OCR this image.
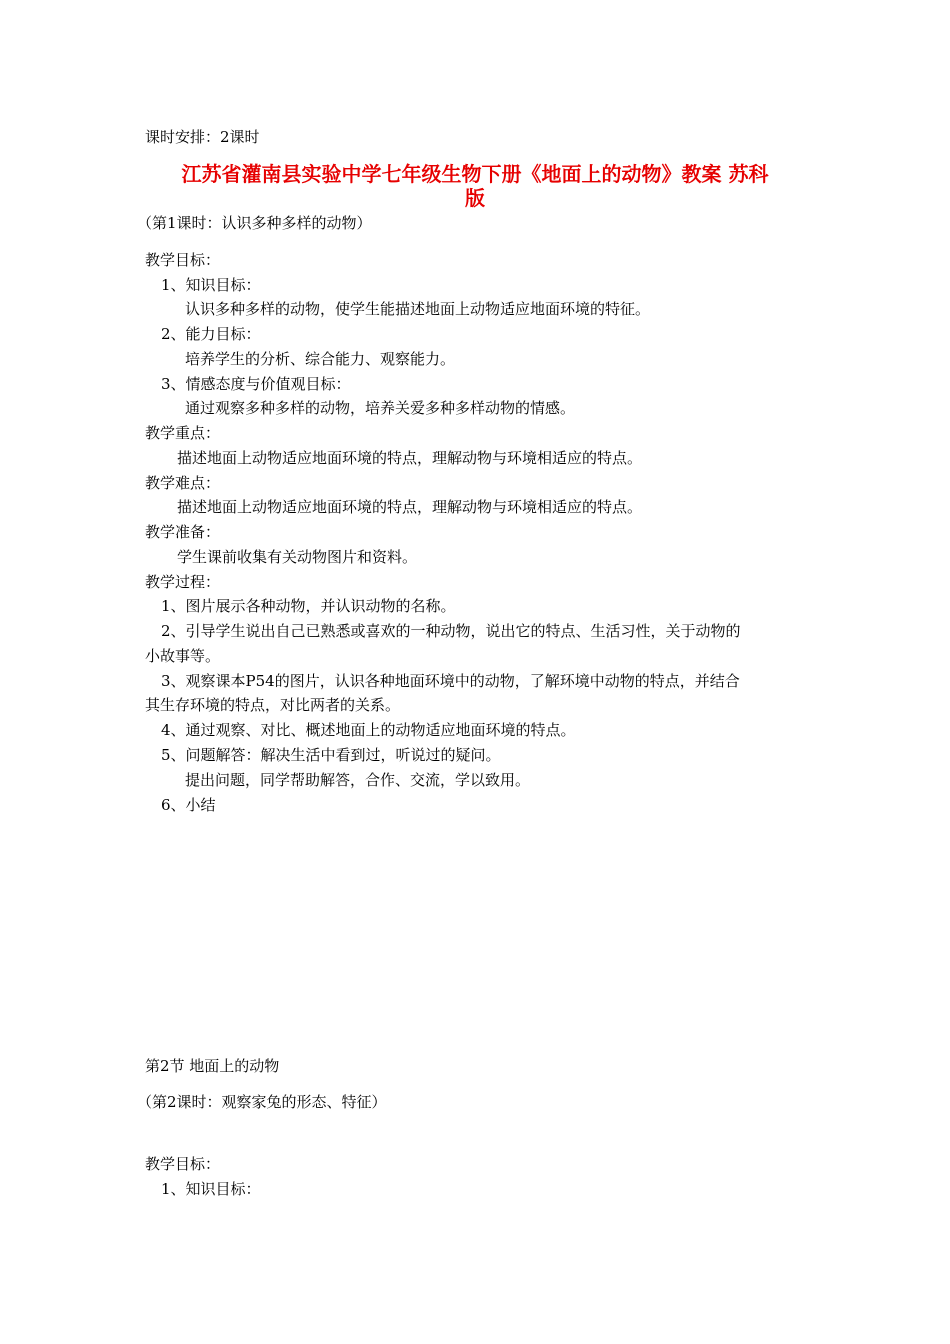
课时安排：2课时
江苏省灌南县实验中学七年级生物下册《地面上的动物》教案 苏科
版
（第1课时：认识多种多样的动物）
教学目标：
1、知识目标：
认识多种多样的动物，使学生能描述地面上动物适应地面环境的特征。
2、能力目标：
培养学生的分析、综合能力、观察能力。
3、情感态度与价值观目标：
通过观察多种多样的动物，培养关爱多种多样动物的情感。
教学重点：
描述地面上动物适应地面环境的特点，理解动物与环境相适应的特点。
教学难点：
描述地面上动物适应地面环境的特点，理解动物与环境相适应的特点。
教学准备：
学生课前收集有关动物图片和资料。
教学过程：
1、图片展示各种动物，并认识动物的名称。
2、引导学生说出自己已熟悉或喜欢的一种动物，说出它的特点、生活习性，关于动物的
小故事等。
3、观察课本P54的图片，认识各种地面环境中的动物，了解环境中动物的特点，并结合
其生存环境的特点，对比两者的关系。
4、通过观察、对比、概述地面上的动物适应地面环境的特点。
5、问题解答：解决生活中看到过，听说过的疑问。
提出问题，同学帮助解答，合作、交流，学以致用。
6、小结
第2节 地面上的动物
（第2课时：观察家兔的形态、特征）
教学目标：
1、知识目标：
